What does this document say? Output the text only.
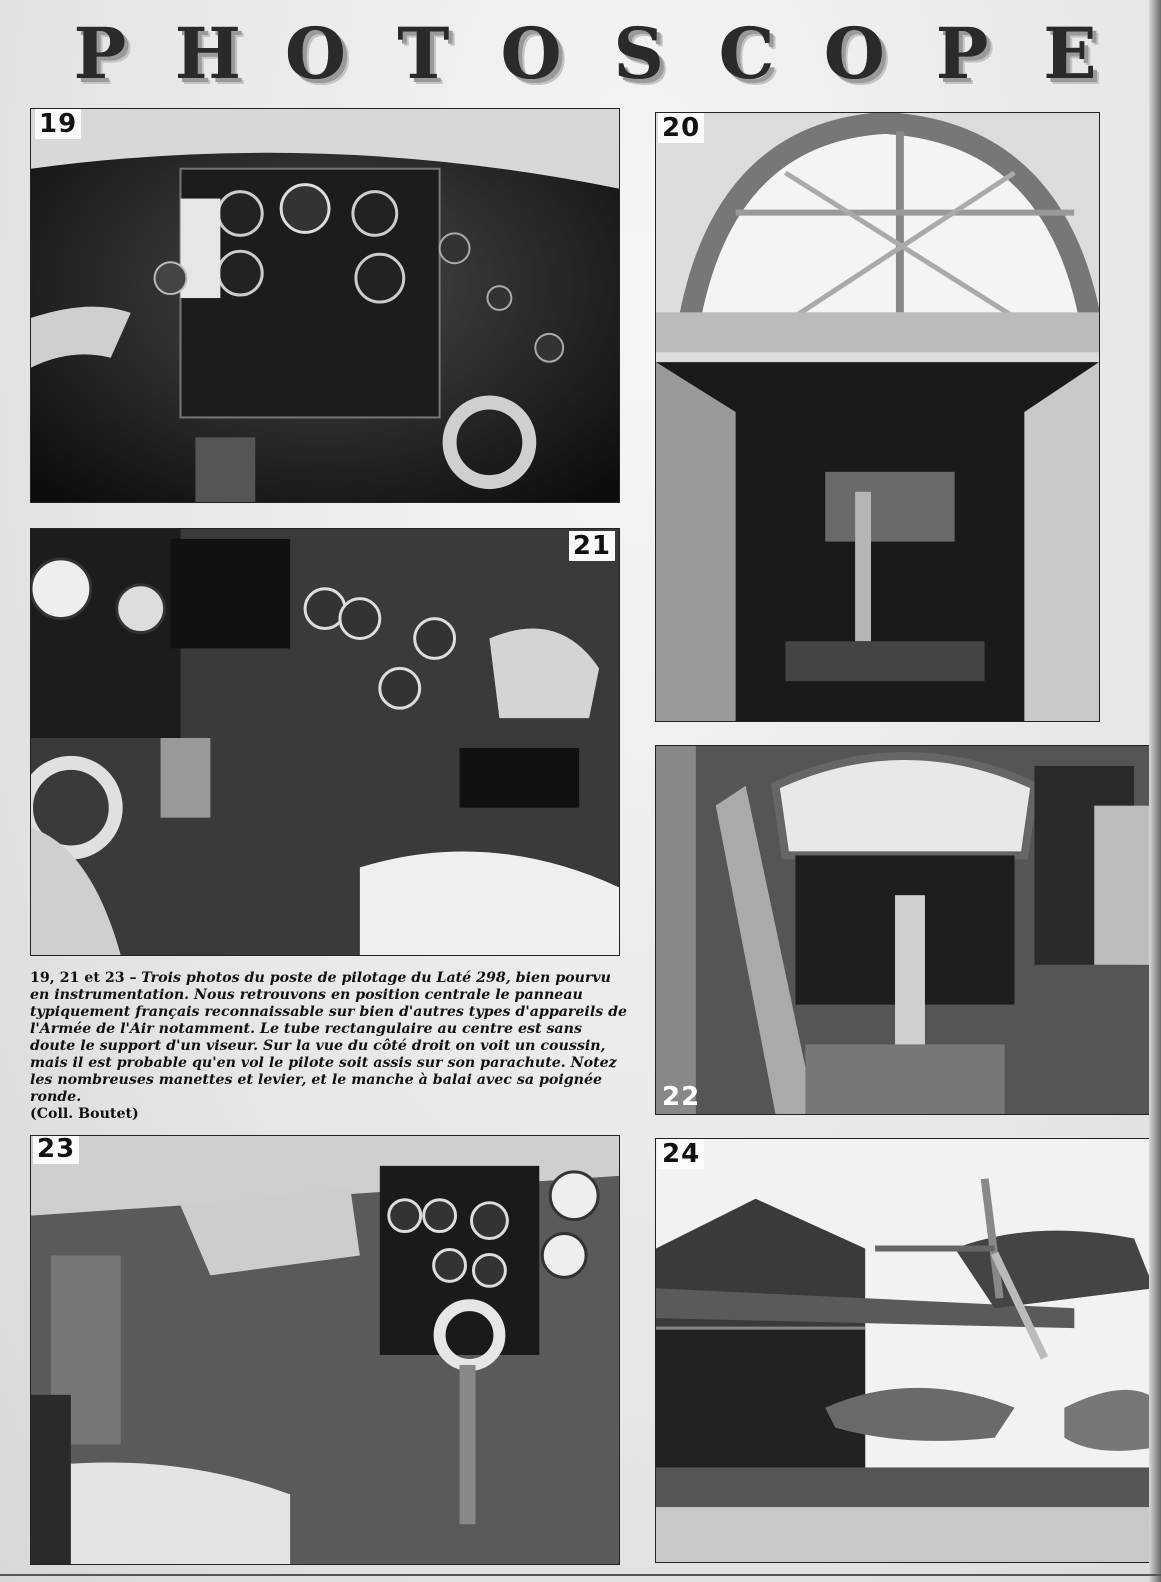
P H O T O S C O P E
19	20
21
22
23	24

19, 21 et 23 – Trois photos du poste de pilotage du Laté 298, bien pourvu en instrumentation. Nous retrouvons en position centrale le panneau typiquement français reconnaissable sur bien d'autres types d'appareils de l'Armée de l'Air notamment. Le tube rectangulaire au centre est sans doute le support d'un viseur. Sur la vue du côté droit on voit un coussin, mais il est probable qu'en vol le pilote soit assis sur son parachute. Notez les nombreuses manettes et levier, et le manche à balai avec sa poignée ronde.

(Coll. Boutet)
